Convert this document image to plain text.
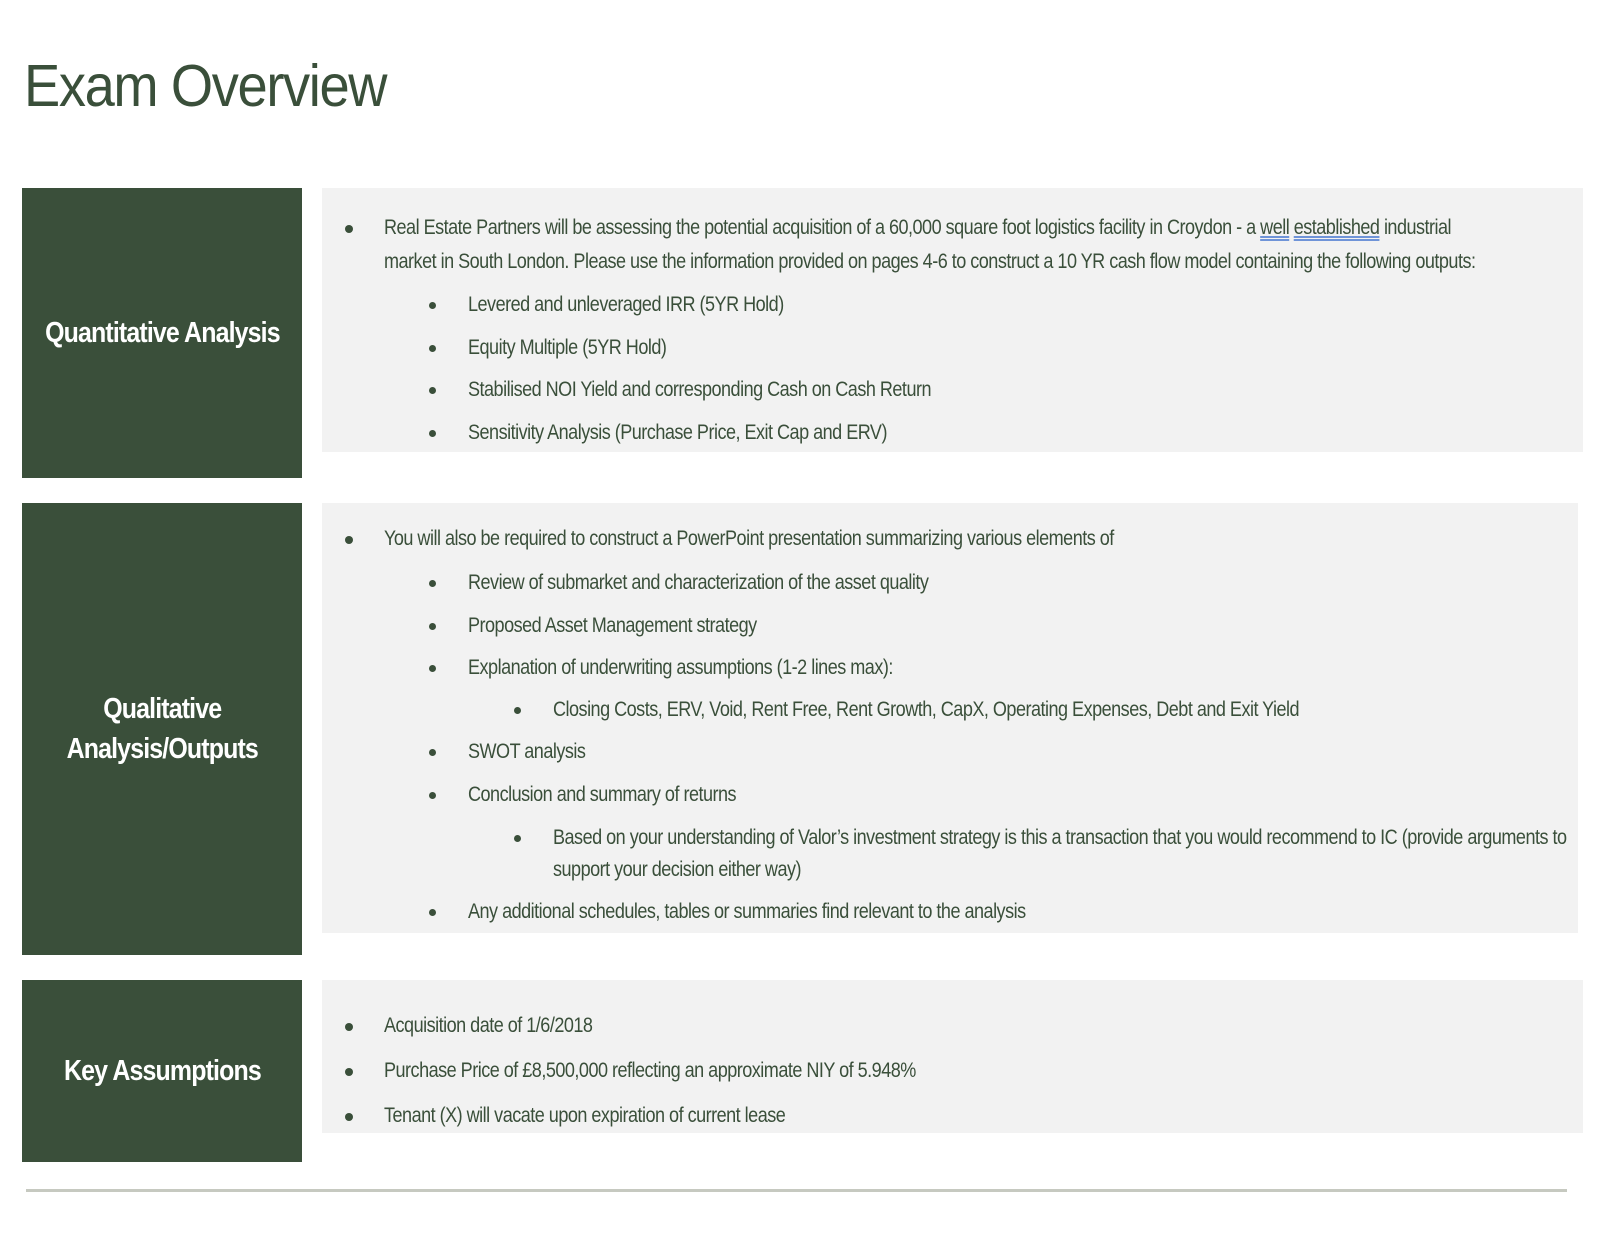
Exam Overview
Quantitative Analysis
Real Estate Partners will be assessing the potential acquisition of a 60,000 square foot logistics facility in Croydon - a well established industrial
market in South London. Please use the information provided on pages 4-6 to construct a 10 YR cash flow model containing the following outputs:
Levered and unleveraged IRR (5YR Hold)
Equity Multiple (5YR Hold)
Stabilised NOI Yield and corresponding Cash on Cash Return
Sensitivity Analysis (Purchase Price, Exit Cap and ERV)
Qualitative
Analysis/Outputs
You will also be required to construct a PowerPoint presentation summarizing various elements of
Review of submarket and characterization of the asset quality
Proposed Asset Management strategy
Explanation of underwriting assumptions (1-2 lines max):
Closing Costs, ERV, Void, Rent Free, Rent Growth, CapX, Operating Expenses, Debt and Exit Yield
SWOT analysis
Conclusion and summary of returns
Based on your understanding of Valor’s investment strategy is this a transaction that you would recommend to IC (provide arguments to
support your decision either way)
Any additional schedules, tables or summaries find relevant to the analysis
Key Assumptions
Acquisition date of 1/6/2018
Purchase Price of £8,500,000 reflecting an approximate NIY of 5.948%
Tenant (X) will vacate upon expiration of current lease
